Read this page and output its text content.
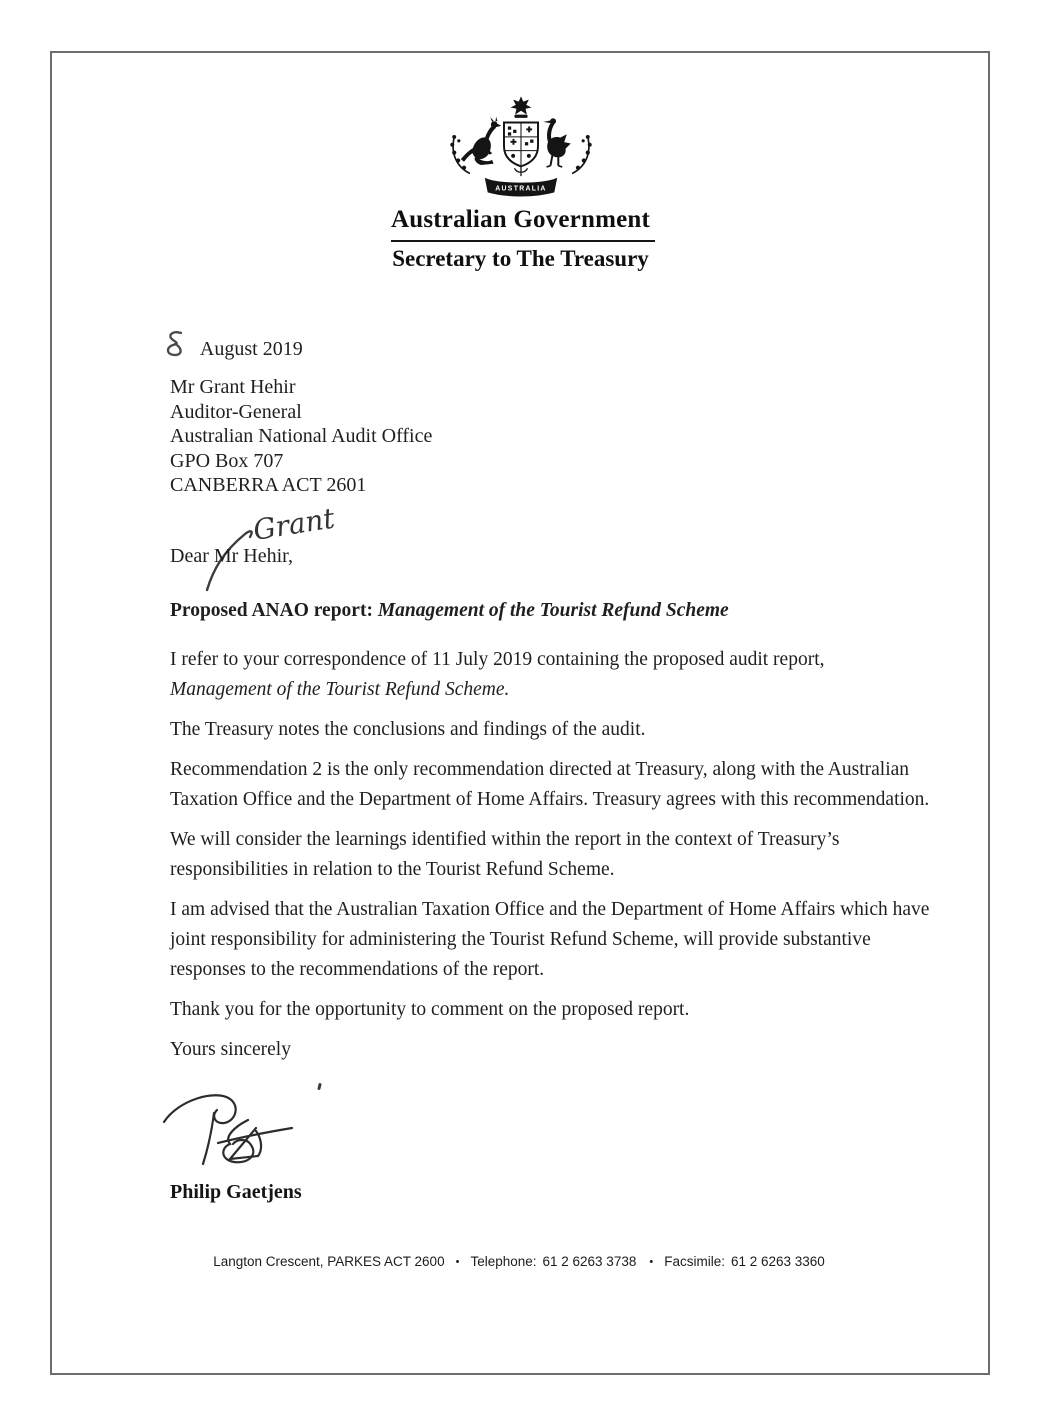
AUSTRALIA
Australian Government
Secretary to The Treasury
August 2019
Mr Grant Hehir
Auditor-General
Australian National Audit Office
GPO Box 707
CANBERRA ACT 2601
Grant
Dear Mr Hehir,
Proposed ANAO report: Management of the Tourist Refund Scheme

I refer to your correspondence of 11 July 2019 containing the proposed audit report,
Management of the Tourist Refund Scheme.

The Treasury notes the conclusions and findings of the audit.

Recommendation 2 is the only recommendation directed at Treasury, along with the Australian Taxation Office and the Department of Home Affairs. Treasury agrees with this recommendation.

We will consider the learnings identified within the report in the context of Treasury’s responsibilities in relation to the Tourist Refund Scheme.

I am advised that the Australian Taxation Office and the Department of Home Affairs which have joint responsibility for administering the Tourist Refund Scheme, will provide substantive responses to the recommendations of the report.

Thank you for the opportunity to comment on the proposed report.

Yours sincerely

Philip Gaetjens
Langton Crescent, PARKES ACT 2600 • Telephone: 61 2 6263 3738 • Facsimile: 61 2 6263 3360
